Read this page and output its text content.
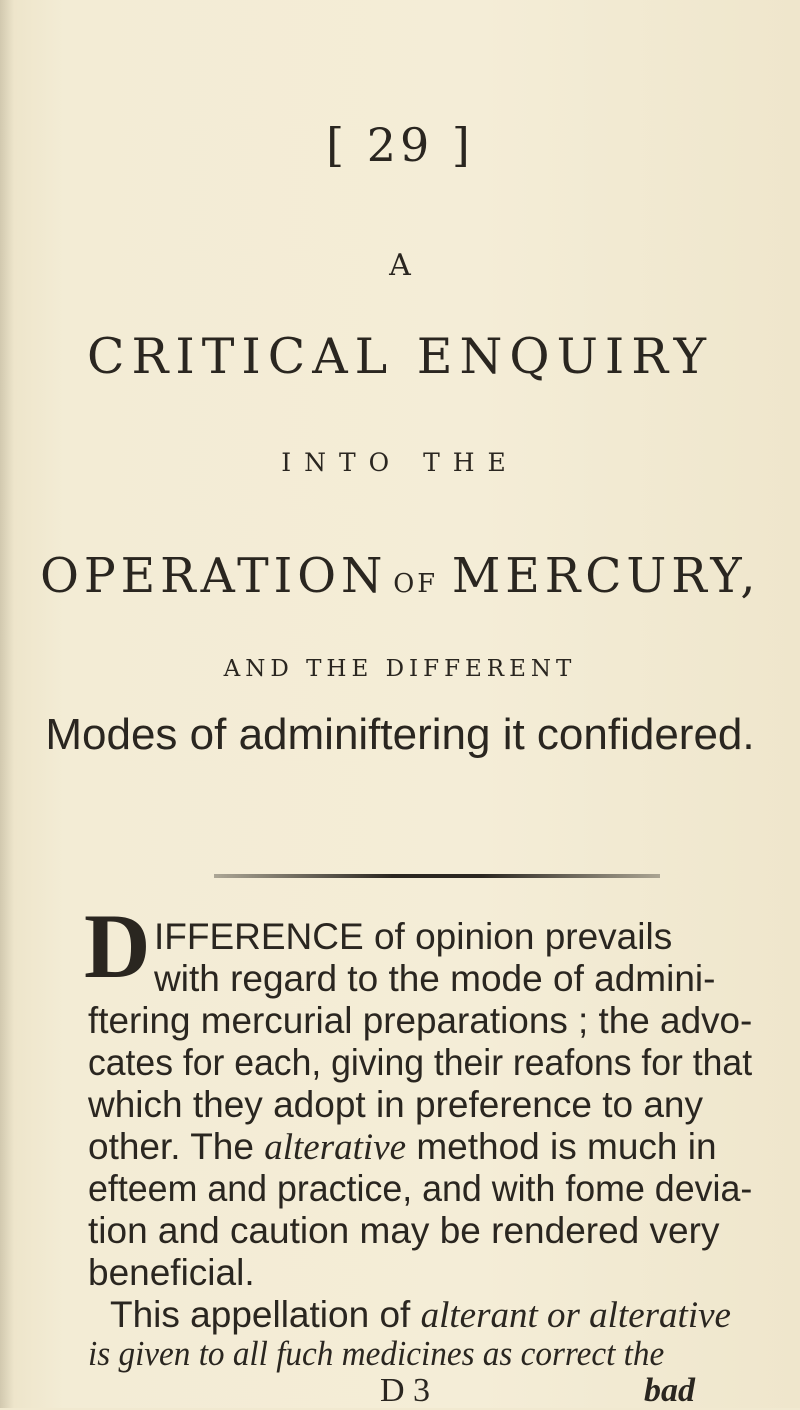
[ 29 ]
A
CRITICAL ENQUIRY
INTO THE
OPERATION OF MERCURY,
AND THE DIFFERENT
Modes of adminiftering it confidered.
D IFFERENCE of opinion prevails
with regard to the mode of admini-
ftering mercurial preparations ; the advo-
cates for each, giving their reafons for that
which they adopt in preference to any
other. The alterative method is much in
efteem and practice, and with fome devia-
tion and caution may be rendered very
beneficial.
This appellation of alterant or alterative
is given to all fuch medicines as correct the
D 3	bad
